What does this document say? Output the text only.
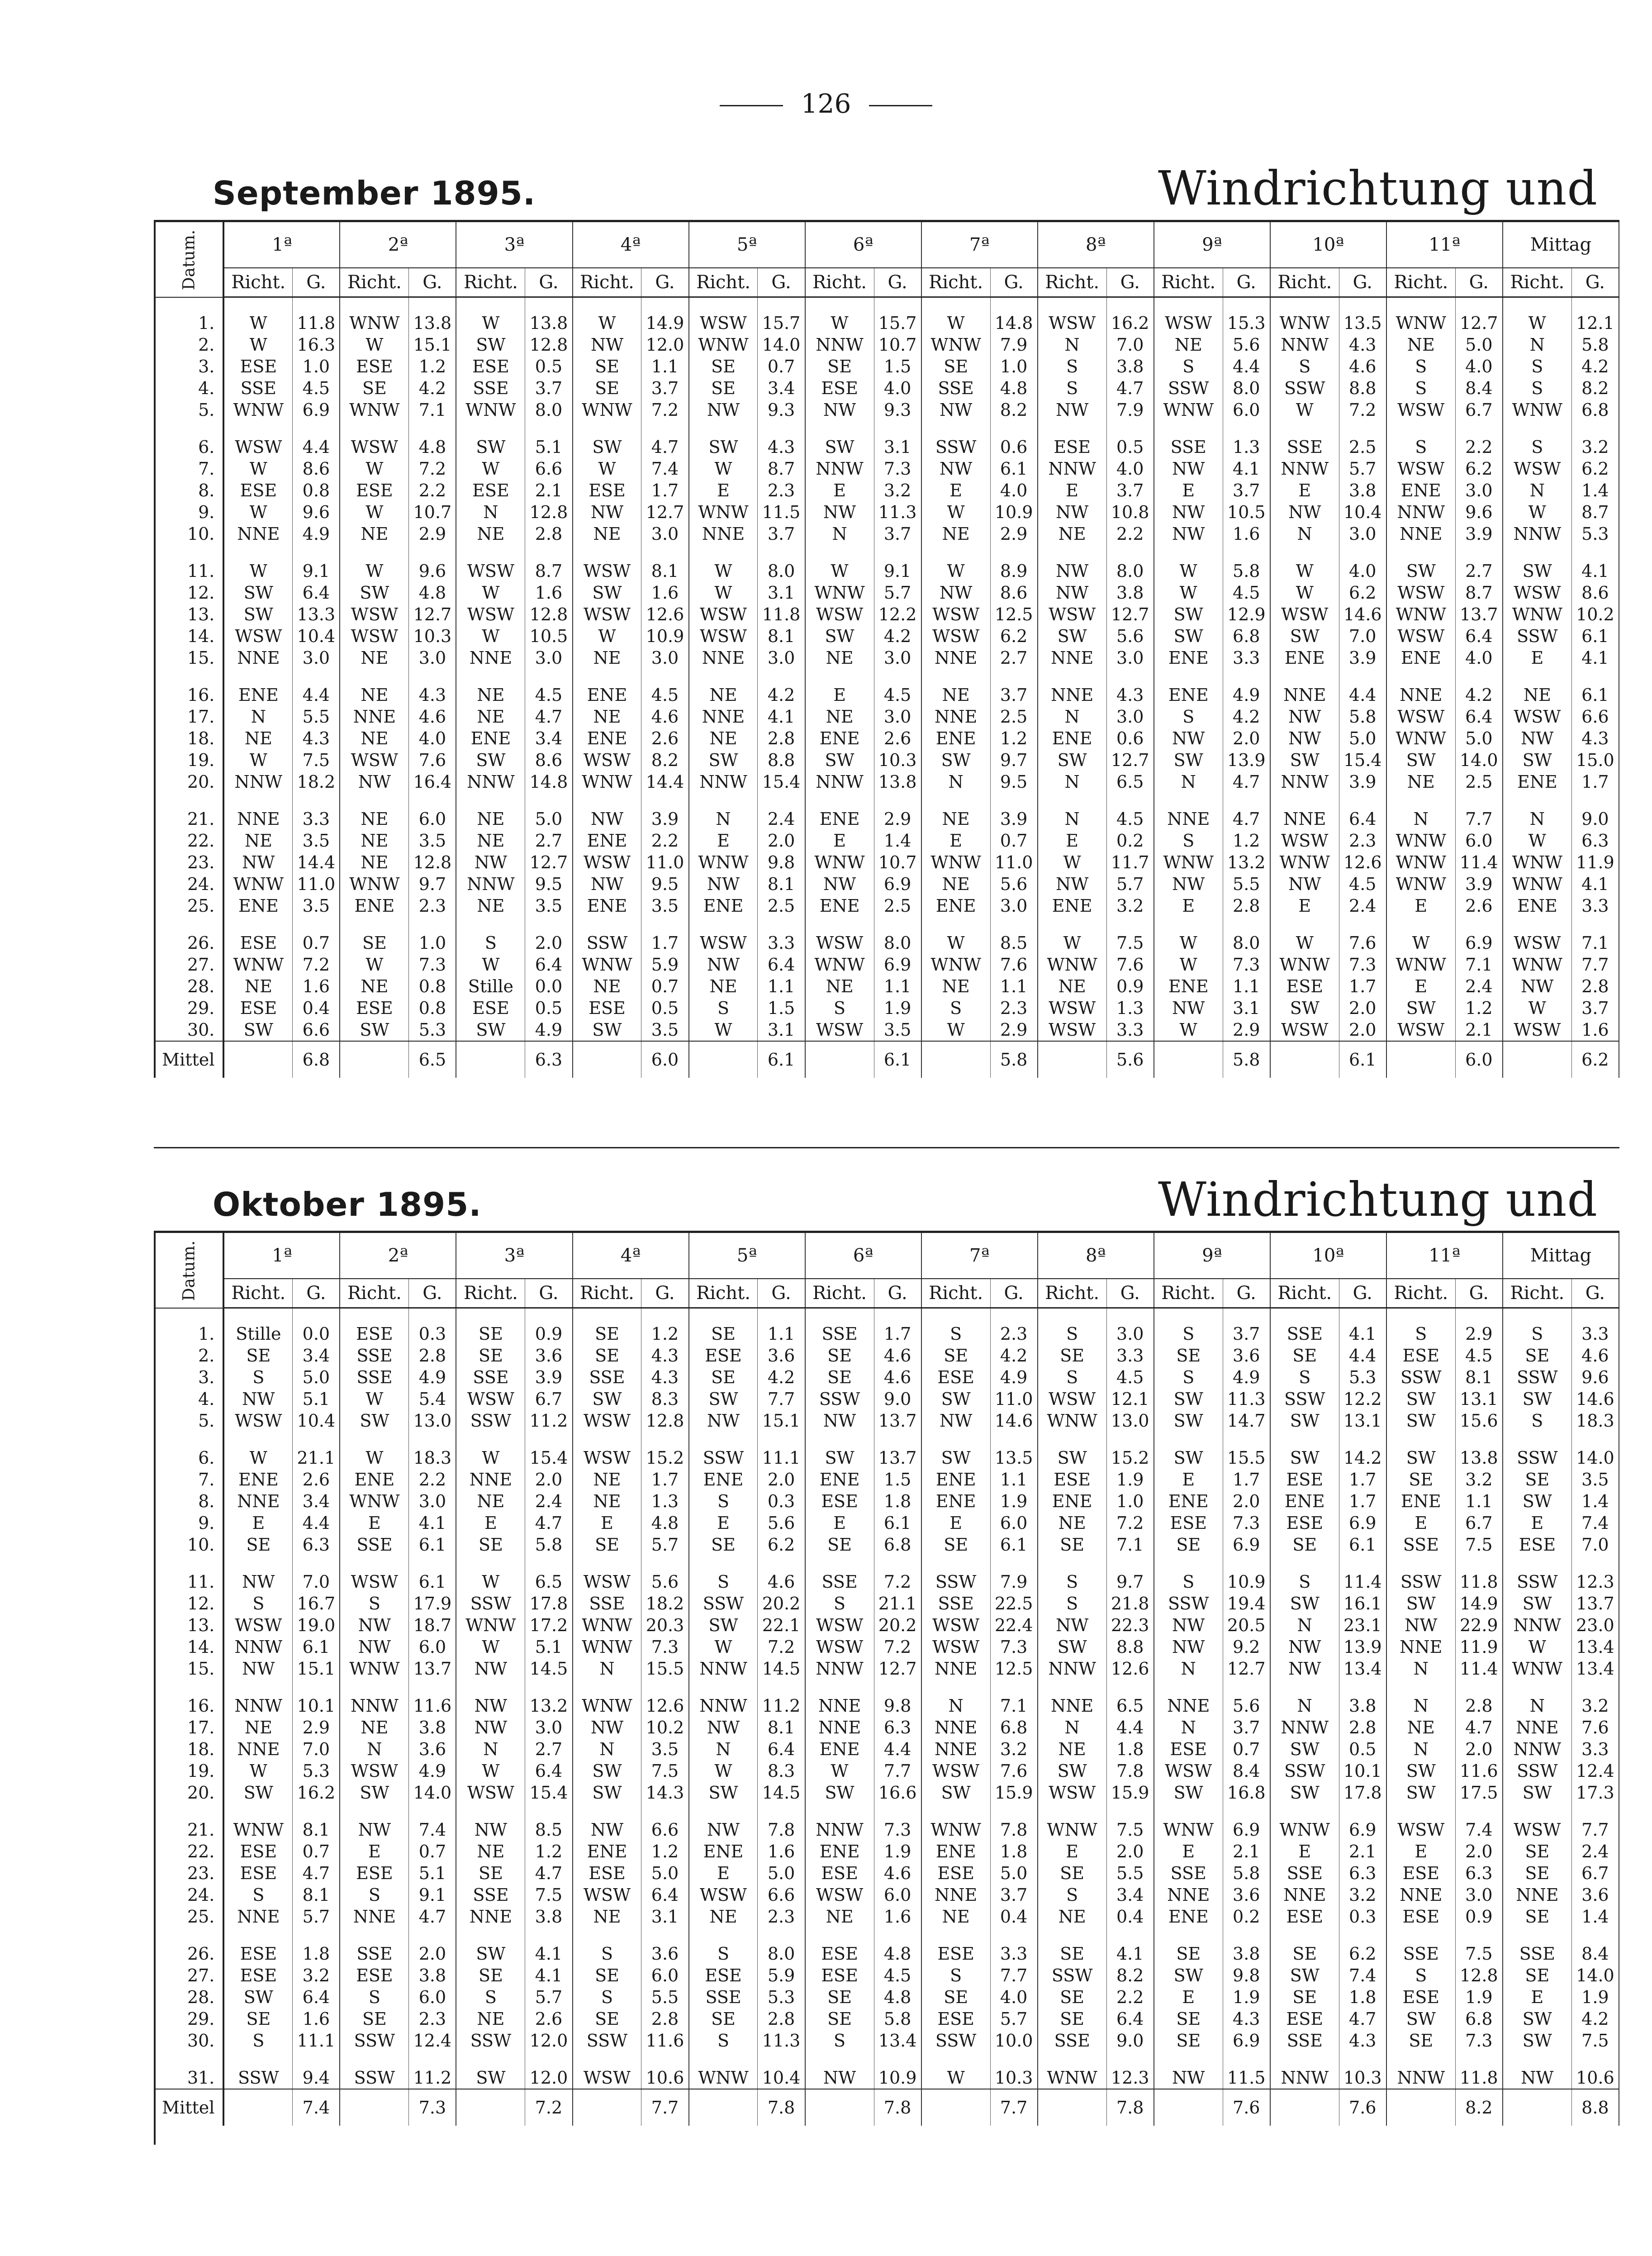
126
September 1895.	Windrichtung und
Datum.	1ª		2ª		3ª		4ª		5ª		6ª		7ª		8ª		9ª		10ª		11ª		Mittag	
	Richt.	G.	Richt.	G.	Richt.	G.	Richt.	G.	Richt.	G.	Richt.	G.	Richt.	G.	Richt.	G.	Richt.	G.	Richt.	G.	Richt.	G.	Richt.	G.
1.	W	11.8	WNW	13.8	W	13.8	W	14.9	WSW	15.7	W	15.7	W	14.8	WSW	16.2	WSW	15.3	WNW	13.5	WNW	12.7	W	12.1
2.	W	16.3	W	15.1	SW	12.8	NW	12.0	WNW	14.0	NNW	10.7	WNW	7.9	N	7.0	NE	5.6	NNW	4.3	NE	5.0	N	5.8
3.	ESE	1.0	ESE	1.2	ESE	0.5	SE	1.1	SE	0.7	SE	1.5	SE	1.0	S	3.8	S	4.4	S	4.6	S	4.0	S	4.2
4.	SSE	4.5	SE	4.2	SSE	3.7	SE	3.7	SE	3.4	ESE	4.0	SSE	4.8	S	4.7	SSW	8.0	SSW	8.8	S	8.4	S	8.2
5.	WNW	6.9	WNW	7.1	WNW	8.0	WNW	7.2	NW	9.3	NW	9.3	NW	8.2	NW	7.9	WNW	6.0	W	7.2	WSW	6.7	WNW	6.8

6.	WSW	4.4	WSW	4.8	SW	5.1	SW	4.7	SW	4.3	SW	3.1	SSW	0.6	ESE	0.5	SSE	1.3	SSE	2.5	S	2.2	S	3.2
7.	W	8.6	W	7.2	W	6.6	W	7.4	W	8.7	NNW	7.3	NW	6.1	NNW	4.0	NW	4.1	NNW	5.7	WSW	6.2	WSW	6.2
8.	ESE	0.8	ESE	2.2	ESE	2.1	ESE	1.7	E	2.3	E	3.2	E	4.0	E	3.7	E	3.7	E	3.8	ENE	3.0	N	1.4
9.	W	9.6	W	10.7	N	12.8	NW	12.7	WNW	11.5	NW	11.3	W	10.9	NW	10.8	NW	10.5	NW	10.4	NNW	9.6	W	8.7
10.	NNE	4.9	NE	2.9	NE	2.8	NE	3.0	NNE	3.7	N	3.7	NE	2.9	NE	2.2	NW	1.6	N	3.0	NNE	3.9	NNW	5.3

11.	W	9.1	W	9.6	WSW	8.7	WSW	8.1	W	8.0	W	9.1	W	8.9	NW	8.0	W	5.8	W	4.0	SW	2.7	SW	4.1
12.	SW	6.4	SW	4.8	W	1.6	SW	1.6	W	3.1	WNW	5.7	NW	8.6	NW	3.8	W	4.5	W	6.2	WSW	8.7	WSW	8.6
13.	SW	13.3	WSW	12.7	WSW	12.8	WSW	12.6	WSW	11.8	WSW	12.2	WSW	12.5	WSW	12.7	SW	12.9	WSW	14.6	WNW	13.7	WNW	10.2
14.	WSW	10.4	WSW	10.3	W	10.5	W	10.9	WSW	8.1	SW	4.2	WSW	6.2	SW	5.6	SW	6.8	SW	7.0	WSW	6.4	SSW	6.1
15.	NNE	3.0	NE	3.0	NNE	3.0	NE	3.0	NNE	3.0	NE	3.0	NNE	2.7	NNE	3.0	ENE	3.3	ENE	3.9	ENE	4.0	E	4.1

16.	ENE	4.4	NE	4.3	NE	4.5	ENE	4.5	NE	4.2	E	4.5	NE	3.7	NNE	4.3	ENE	4.9	NNE	4.4	NNE	4.2	NE	6.1
17.	N	5.5	NNE	4.6	NE	4.7	NE	4.6	NNE	4.1	NE	3.0	NNE	2.5	N	3.0	S	4.2	NW	5.8	WSW	6.4	WSW	6.6
18.	NE	4.3	NE	4.0	ENE	3.4	ENE	2.6	NE	2.8	ENE	2.6	ENE	1.2	ENE	0.6	NW	2.0	NW	5.0	WNW	5.0	NW	4.3
19.	W	7.5	WSW	7.6	SW	8.6	WSW	8.2	SW	8.8	SW	10.3	SW	9.7	SW	12.7	SW	13.9	SW	15.4	SW	14.0	SW	15.0
20.	NNW	18.2	NW	16.4	NNW	14.8	WNW	14.4	NNW	15.4	NNW	13.8	N	9.5	N	6.5	N	4.7	NNW	3.9	NE	2.5	ENE	1.7

21.	NNE	3.3	NE	6.0	NE	5.0	NW	3.9	N	2.4	ENE	2.9	NE	3.9	N	4.5	NNE	4.7	NNE	6.4	N	7.7	N	9.0
22.	NE	3.5	NE	3.5	NE	2.7	ENE	2.2	E	2.0	E	1.4	E	0.7	E	0.2	S	1.2	WSW	2.3	WNW	6.0	W	6.3
23.	NW	14.4	NE	12.8	NW	12.7	WSW	11.0	WNW	9.8	WNW	10.7	WNW	11.0	W	11.7	WNW	13.2	WNW	12.6	WNW	11.4	WNW	11.9
24.	WNW	11.0	WNW	9.7	NNW	9.5	NW	9.5	NW	8.1	NW	6.9	NE	5.6	NW	5.7	NW	5.5	NW	4.5	WNW	3.9	WNW	4.1
25.	ENE	3.5	ENE	2.3	NE	3.5	ENE	3.5	ENE	2.5	ENE	2.5	ENE	3.0	ENE	3.2	E	2.8	E	2.4	E	2.6	ENE	3.3

26.	ESE	0.7	SE	1.0	S	2.0	SSW	1.7	WSW	3.3	WSW	8.0	W	8.5	W	7.5	W	8.0	W	7.6	W	6.9	WSW	7.1
27.	WNW	7.2	W	7.3	W	6.4	WNW	5.9	NW	6.4	WNW	6.9	WNW	7.6	WNW	7.6	W	7.3	WNW	7.3	WNW	7.1	WNW	7.7
28.	NE	1.6	NE	0.8	Stille	0.0	NE	0.7	NE	1.1	NE	1.1	NE	1.1	NE	0.9	ENE	1.1	ESE	1.7	E	2.4	NW	2.8
29.	ESE	0.4	ESE	0.8	ESE	0.5	ESE	0.5	S	1.5	S	1.9	S	2.3	WSW	1.3	NW	3.1	SW	2.0	SW	1.2	W	3.7
30.	SW	6.6	SW	5.3	SW	4.9	SW	3.5	W	3.1	WSW	3.5	W	2.9	WSW	3.3	W	2.9	WSW	2.0	WSW	2.1	WSW	1.6
Mittel		6.8		6.5		6.3		6.0		6.1		6.1		5.8		5.6		5.8		6.1		6.0		6.2
Oktober 1895.	Windrichtung und
Datum.	1ª		2ª		3ª		4ª		5ª		6ª		7ª		8ª		9ª		10ª		11ª		Mittag	
	Richt.	G.	Richt.	G.	Richt.	G.	Richt.	G.	Richt.	G.	Richt.	G.	Richt.	G.	Richt.	G.	Richt.	G.	Richt.	G.	Richt.	G.	Richt.	G.
1.	Stille	0.0	ESE	0.3	SE	0.9	SE	1.2	SE	1.1	SSE	1.7	S	2.3	S	3.0	S	3.7	SSE	4.1	S	2.9	S	3.3
2.	SE	3.4	SSE	2.8	SE	3.6	SE	4.3	ESE	3.6	SE	4.6	SE	4.2	SE	3.3	SE	3.6	SE	4.4	ESE	4.5	SE	4.6
3.	S	5.0	SSE	4.9	SSE	3.9	SSE	4.3	SE	4.2	SE	4.6	ESE	4.9	S	4.5	S	4.9	S	5.3	SSW	8.1	SSW	9.6
4.	NW	5.1	W	5.4	WSW	6.7	SW	8.3	SW	7.7	SSW	9.0	SW	11.0	WSW	12.1	SW	11.3	SSW	12.2	SW	13.1	SW	14.6
5.	WSW	10.4	SW	13.0	SSW	11.2	WSW	12.8	NW	15.1	NW	13.7	NW	14.6	WNW	13.0	SW	14.7	SW	13.1	SW	15.6	S	18.3

6.	W	21.1	W	18.3	W	15.4	WSW	15.2	SSW	11.1	SW	13.7	SW	13.5	SW	15.2	SW	15.5	SW	14.2	SW	13.8	SSW	14.0
7.	ENE	2.6	ENE	2.2	NNE	2.0	NE	1.7	ENE	2.0	ENE	1.5	ENE	1.1	ESE	1.9	E	1.7	ESE	1.7	SE	3.2	SE	3.5
8.	NNE	3.4	WNW	3.0	NE	2.4	NE	1.3	S	0.3	ESE	1.8	ENE	1.9	ENE	1.0	ENE	2.0	ENE	1.7	ENE	1.1	SW	1.4
9.	E	4.4	E	4.1	E	4.7	E	4.8	E	5.6	E	6.1	E	6.0	NE	7.2	ESE	7.3	ESE	6.9	E	6.7	E	7.4
10.	SE	6.3	SSE	6.1	SE	5.8	SE	5.7	SE	6.2	SE	6.8	SE	6.1	SE	7.1	SE	6.9	SE	6.1	SSE	7.5	ESE	7.0

11.	NW	7.0	WSW	6.1	W	6.5	WSW	5.6	S	4.6	SSE	7.2	SSW	7.9	S	9.7	S	10.9	S	11.4	SSW	11.8	SSW	12.3
12.	S	16.7	S	17.9	SSW	17.8	SSE	18.2	SSW	20.2	S	21.1	SSE	22.5	S	21.8	SSW	19.4	SW	16.1	SW	14.9	SW	13.7
13.	WSW	19.0	NW	18.7	WNW	17.2	WNW	20.3	SW	22.1	WSW	20.2	WSW	22.4	NW	22.3	NW	20.5	N	23.1	NW	22.9	NNW	23.0
14.	NNW	6.1	NW	6.0	W	5.1	WNW	7.3	W	7.2	WSW	7.2	WSW	7.3	SW	8.8	NW	9.2	NW	13.9	NNE	11.9	W	13.4
15.	NW	15.1	WNW	13.7	NW	14.5	N	15.5	NNW	14.5	NNW	12.7	NNE	12.5	NNW	12.6	N	12.7	NW	13.4	N	11.4	WNW	13.4

16.	NNW	10.1	NNW	11.6	NW	13.2	WNW	12.6	NNW	11.2	NNE	9.8	N	7.1	NNE	6.5	NNE	5.6	N	3.8	N	2.8	N	3.2
17.	NE	2.9	NE	3.8	NW	3.0	NW	10.2	NW	8.1	NNE	6.3	NNE	6.8	N	4.4	N	3.7	NNW	2.8	NE	4.7	NNE	7.6
18.	NNE	7.0	N	3.6	N	2.7	N	3.5	N	6.4	ENE	4.4	NNE	3.2	NE	1.8	ESE	0.7	SW	0.5	N	2.0	NNW	3.3
19.	W	5.3	WSW	4.9	W	6.4	SW	7.5	W	8.3	W	7.7	WSW	7.6	SW	7.8	WSW	8.4	SSW	10.1	SW	11.6	SSW	12.4
20.	SW	16.2	SW	14.0	WSW	15.4	SW	14.3	SW	14.5	SW	16.6	SW	15.9	WSW	15.9	SW	16.8	SW	17.8	SW	17.5	SW	17.3

21.	WNW	8.1	NW	7.4	NW	8.5	NW	6.6	NW	7.8	NNW	7.3	WNW	7.8	WNW	7.5	WNW	6.9	WNW	6.9	WSW	7.4	WSW	7.7
22.	ESE	0.7	E	0.7	NE	1.2	ENE	1.2	ENE	1.6	ENE	1.9	ENE	1.8	E	2.0	E	2.1	E	2.1	E	2.0	SE	2.4
23.	ESE	4.7	ESE	5.1	SE	4.7	ESE	5.0	E	5.0	ESE	4.6	ESE	5.0	SE	5.5	SSE	5.8	SSE	6.3	ESE	6.3	SE	6.7
24.	S	8.1	S	9.1	SSE	7.5	WSW	6.4	WSW	6.6	WSW	6.0	NNE	3.7	S	3.4	NNE	3.6	NNE	3.2	NNE	3.0	NNE	3.6
25.	NNE	5.7	NNE	4.7	NNE	3.8	NE	3.1	NE	2.3	NE	1.6	NE	0.4	NE	0.4	ENE	0.2	ESE	0.3	ESE	0.9	SE	1.4

26.	ESE	1.8	SSE	2.0	SW	4.1	S	3.6	S	8.0	ESE	4.8	ESE	3.3	SE	4.1	SE	3.8	SE	6.2	SSE	7.5	SSE	8.4
27.	ESE	3.2	ESE	3.8	SE	4.1	SE	6.0	ESE	5.9	ESE	4.5	S	7.7	SSW	8.2	SW	9.8	SW	7.4	S	12.8	SE	14.0
28.	SW	6.4	S	6.0	S	5.7	S	5.5	SSE	5.3	SE	4.8	SE	4.0	SE	2.2	E	1.9	SE	1.8	ESE	1.9	E	1.9
29.	SE	1.6	SE	2.3	NE	2.6	SE	2.8	SE	2.8	SE	5.8	ESE	5.7	SE	6.4	SE	4.3	ESE	4.7	SW	6.8	SW	4.2
30.	S	11.1	SSW	12.4	SSW	12.0	SSW	11.6	S	11.3	S	13.4	SSW	10.0	SSE	9.0	SE	6.9	SSE	4.3	SE	7.3	SW	7.5

31.	SSW	9.4	SSW	11.2	SW	12.0	WSW	10.6	WNW	10.4	NW	10.9	W	10.3	WNW	12.3	NW	11.5	NNW	10.3	NNW	11.8	NW	10.6
Mittel		7.4		7.3		7.2		7.7		7.8		7.8		7.7		7.8		7.6		7.6		8.2		8.8
